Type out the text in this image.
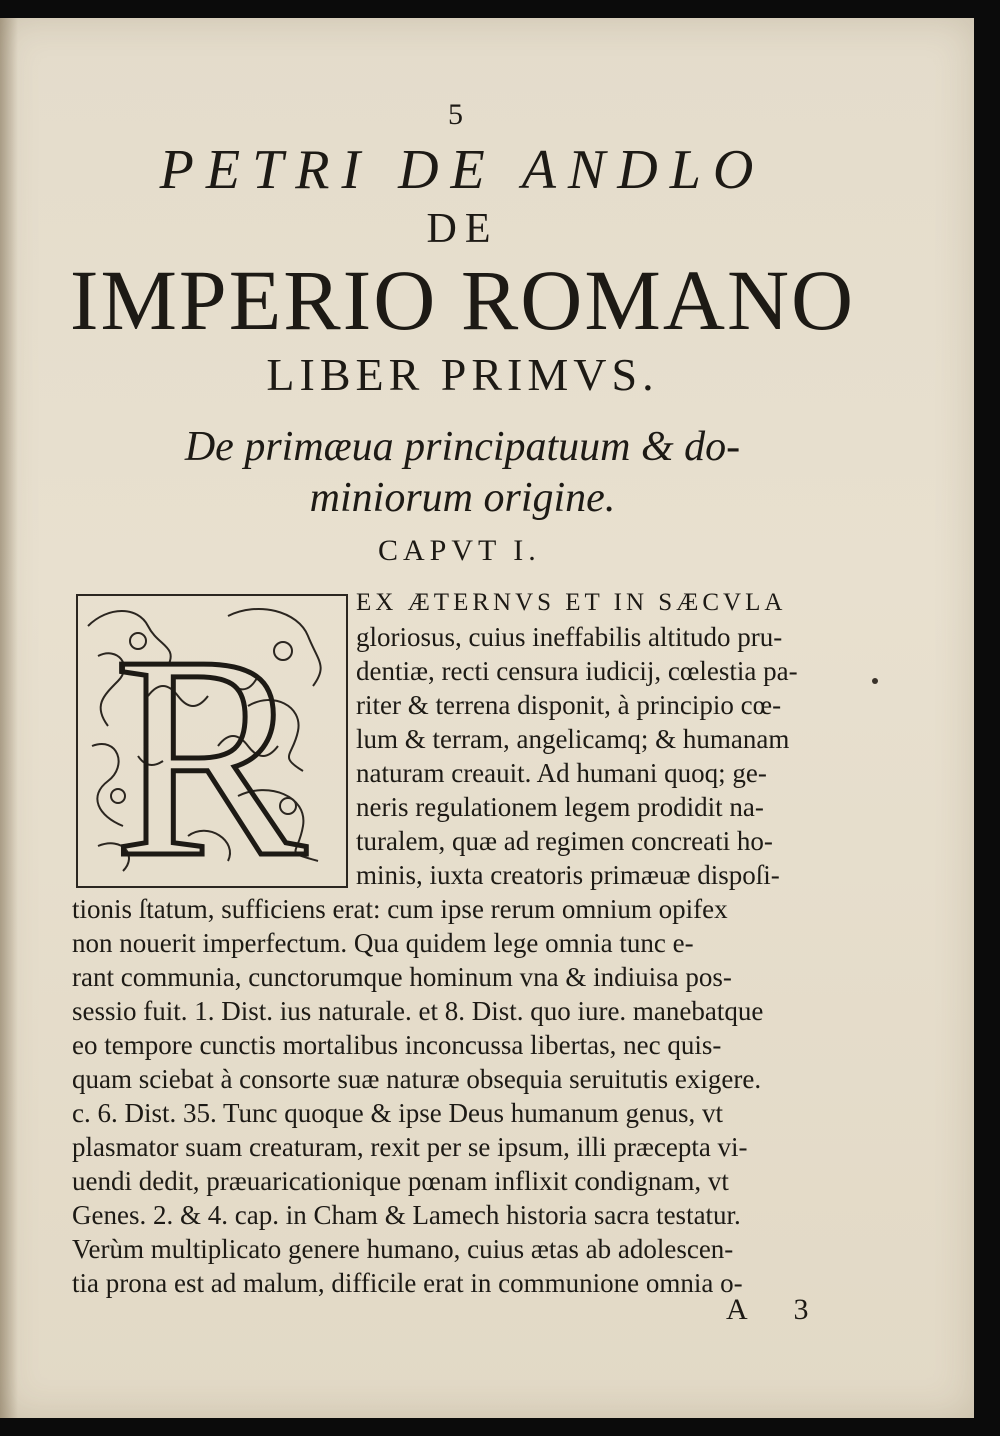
5
PETRI DE ANDLO
DE
IMPERIO ROMANO
LIBER PRIMVS.
De primæua principatuum & do-
miniorum origine.
CAPVT I.
R EX ÆTERNVS ET IN SÆCVLA
gloriosus, cuius ineffabilis altitudo pru-
dentiæ, recti censura iudicij, cœlestia pa-
riter & terrena disponit, à principio cœ-
lum & terram, angelicamq; & humanam
naturam creauit. Ad humani quoq; ge-
neris regulationem legem prodidit na-
turalem, quæ ad regimen concreati ho-
minis, iuxta creatoris primæuæ dispoſi-
tionis ſtatum, sufficiens erat: cum ipse rerum omnium opifex
non nouerit imperfectum. Qua quidem lege omnia tunc e-
rant communia, cunctorumque hominum vna & indiuisa pos-
sessio fuit. 1. Dist. ius naturale. et 8. Dist. quo iure. manebatque
eo tempore cunctis mortalibus inconcussa libertas, nec quis-
quam sciebat à consorte suæ naturæ obsequia seruitutis exigere.
c. 6. Dist. 35. Tunc quoque & ipse Deus humanum genus, vt
plasmator suam creaturam, rexit per se ipsum, illi præcepta vi-
uendi dedit, præuaricationique pœnam inflixit condignam, vt
Genes. 2. & 4. cap. in Cham & Lamech historia sacra testatur.
Verùm multiplicato genere humano, cuius ætas ab adolescen-
tia prona est ad malum, difficile erat in communione omnia o-
A 3
